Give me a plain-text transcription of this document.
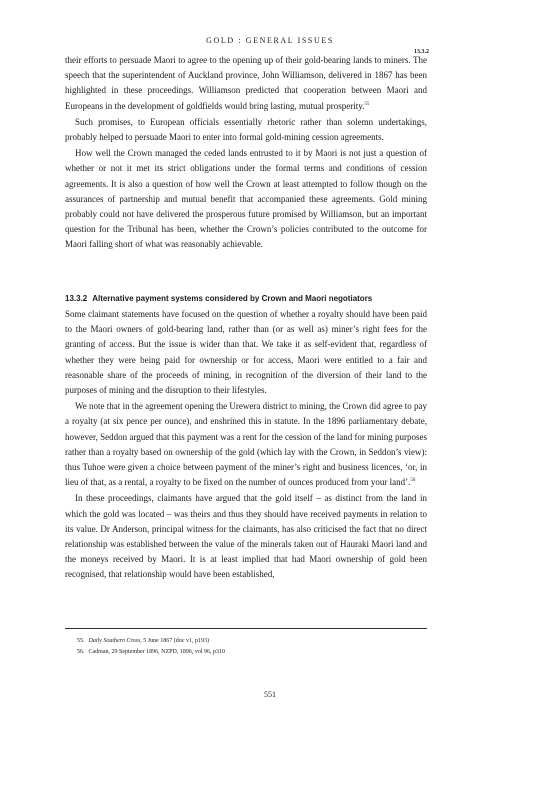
GOLD : GENERAL ISSUES
13.3.2

their efforts to persuade Maori to agree to the opening up of their gold-bearing lands to miners. The speech that the superintendent of Auckland province, John Williamson, delivered in 1867 has been highlighted in these proceedings. Williamson predicted that cooperation between Maori and Europeans in the development of goldfields would bring lasting, mutual prosperity.$^{55}$

Such promises, to European officials essentially rhetoric rather than solemn undertakings, probably helped to persuade Maori to enter into formal gold-mining cession agreements.

How well the Crown managed the ceded lands entrusted to it by Maori is not just a question of whether or not it met its strict obligations under the formal terms and conditions of cession agreements. It is also a question of how well the Crown at least attempted to follow though on the assurances of partnership and mutual benefit that accompanied these agreements. Gold mining probably could not have delivered the prosperous future promised by Williamson, but an important question for the Tribunal has been, whether the Crown’s policies contributed to the outcome for Maori falling short of what was reasonably achievable.

13.3.2 Alternative payment systems considered by Crown and Maori negotiators

Some claimant statements have focused on the question of whether a royalty should have been paid to the Maori owners of gold-bearing land, rather than (or as well as) miner’s right fees for the granting of access. But the issue is wider than that. We take it as self-evident that, regardless of whether they were being paid for ownership or for access, Maori were entitled to a fair and reasonable share of the proceeds of mining, in recognition of the diversion of their land to the purposes of mining and the disruption to their lifestyles.

We note that in the agreement opening the Urewera district to mining, the Crown did agree to pay a royalty (at six pence per ounce), and enshrined this in statute. In the 1896 parliamentary debate, however, Seddon argued that this payment was a rent for the cession of the land for mining purposes rather than a royalty based on ownership of the gold (which lay with the Crown, in Seddon’s view): thus Tuhoe were given a choice between payment of the miner’s right and business licences, ‘or, in lieu of that, as a rental, a royalty to be fixed on the number of ounces produced from your land’.$^{56}$

In these proceedings, claimants have argued that the gold itself – as distinct from the land in which the gold was located – was theirs and thus they should have received payments in relation to its value. Dr Anderson, principal witness for the claimants, has also criticised the fact that no direct relationship was established between the value of the minerals taken out of Hauraki Maori land and the moneys received by Maori. It is at least implied that had Maori ownership of gold been recognised, that relationship would have been established,

55. Daily Southern Cross, 5 June 1867 (doc v1, p193)
56. Cadman, 29 September 1896, NZPD, 1896, vol 96, p310
551
